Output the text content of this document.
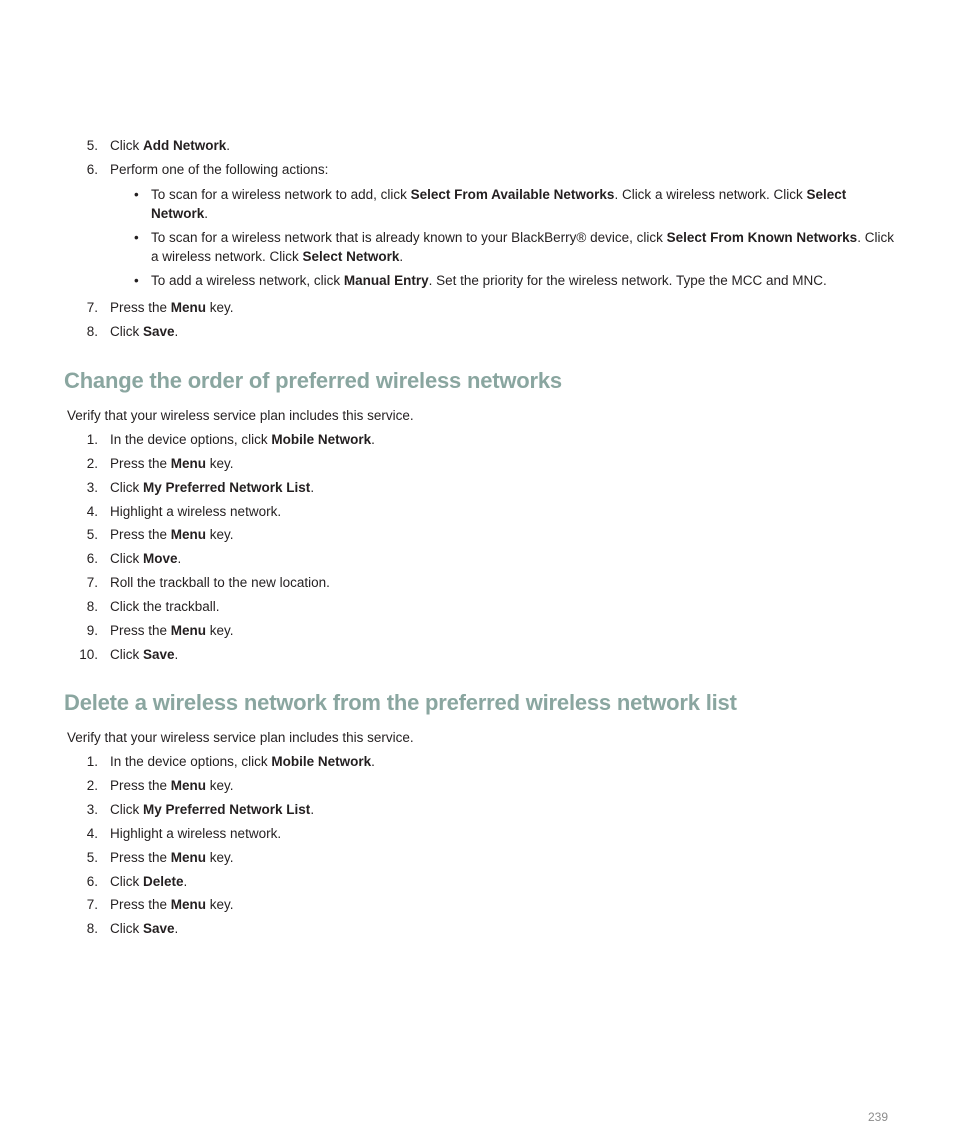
5. Click Add Network.
6. Perform one of the following actions:
• To scan for a wireless network to add, click Select From Available Networks. Click a wireless network. Click Select Network.
• To scan for a wireless network that is already known to your BlackBerry® device, click Select From Known Networks. Click a wireless network. Click Select Network.
• To add a wireless network, click Manual Entry. Set the priority for the wireless network. Type the MCC and MNC.
7. Press the Menu key.
8. Click Save.
Change the order of preferred wireless networks
Verify that your wireless service plan includes this service.
1. In the device options, click Mobile Network.
2. Press the Menu key.
3. Click My Preferred Network List.
4. Highlight a wireless network.
5. Press the Menu key.
6. Click Move.
7. Roll the trackball to the new location.
8. Click the trackball.
9. Press the Menu key.
10. Click Save.
Delete a wireless network from the preferred wireless network list
Verify that your wireless service plan includes this service.
1. In the device options, click Mobile Network.
2. Press the Menu key.
3. Click My Preferred Network List.
4. Highlight a wireless network.
5. Press the Menu key.
6. Click Delete.
7. Press the Menu key.
8. Click Save.
239
